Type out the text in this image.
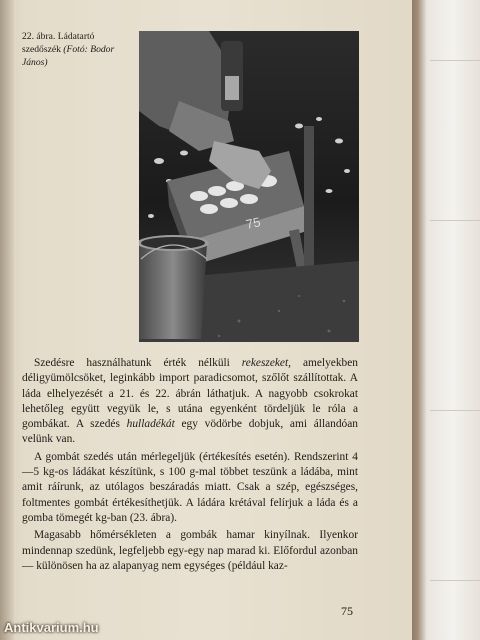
22. ábra. Ládatartó szedőszék (Fotó: Bodor János)
75

Szedésre használhatunk érték nélküli rekeszeket, amelyekben déligyümölcsöket, leginkább import paradicsomot, szőlőt szállítottak. A láda elhelyezését a 21. és 22. ábrán láthatjuk. A nagyobb csokrokat lehetőleg együtt vegyük le, s utána egyenként tördeljük le róla a gombákat. A szedés hulladékát egy vödörbe dobjuk, ami állandóan velünk van.

A gombát szedés után mérlegeljük (értékesítés esetén). Rendszerint 4—5 kg-os ládákat készítünk, s 100 g-mal többet teszünk a ládába, mint amit ráírunk, az utólagos beszáradás miatt. Csak a szép, egészséges, foltmentes gombát értékesíthetjük. A ládára krétával felírjuk a láda és a gomba tömegét kg-ban (23. ábra).

Magasabb hőmérsékleten a gombák hamar kinyílnak. Ilyenkor mindennap szedünk, legfeljebb egy-egy nap marad ki. Előfordul azonban — különösen ha az alapanyag nem egységes (például kaz-

75
Antikvarium.hu
